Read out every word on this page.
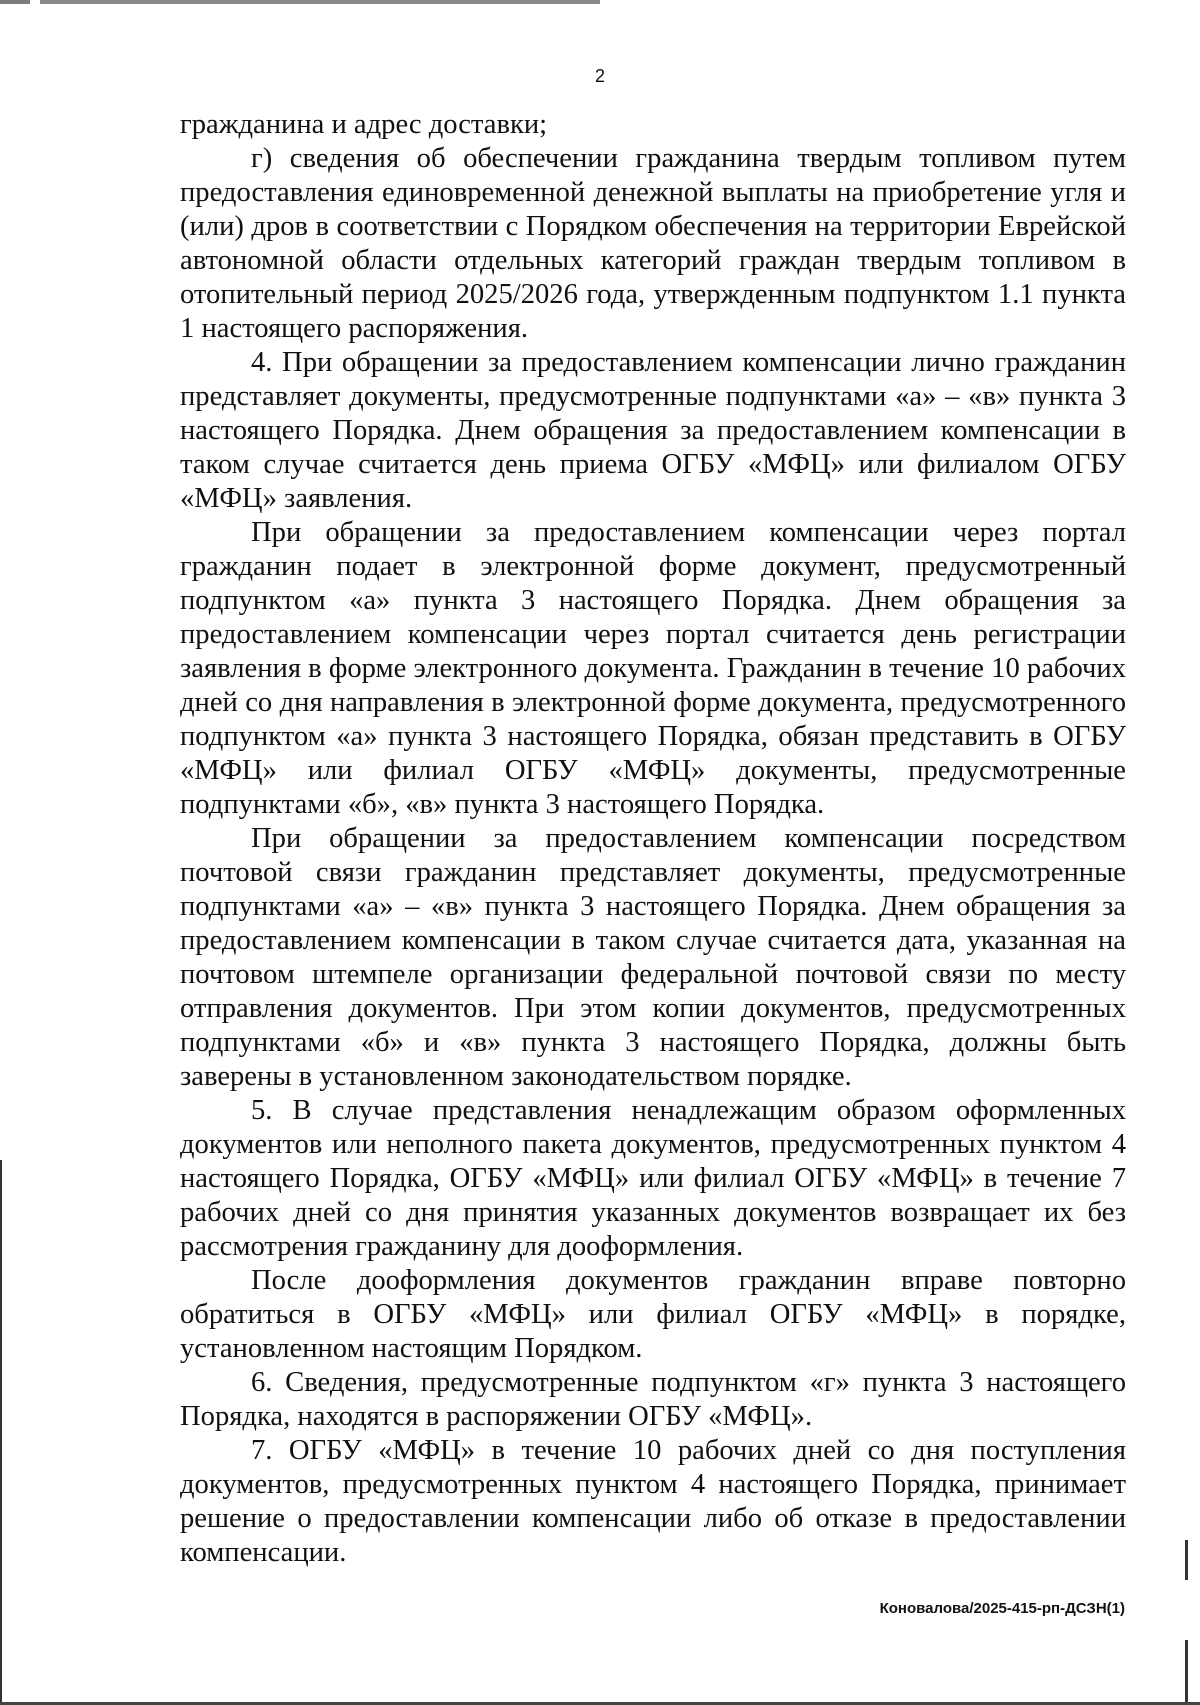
2

гражданина и адрес доставки;

г) сведения об обеспечении гражданина твердым топливом путем предоставления единовременной денежной выплаты на приобретение угля и (или) дров в соответствии с Порядком обеспечения на территории Еврейской автономной области отдельных категорий граждан твердым топливом в отопительный период 2025/2026 года, утвержденным подпунктом 1.1 пункта 1 настоящего распоряжения.

4. При обращении за предоставлением компенсации лично гражданин представляет документы, предусмотренные подпунктами «а» – «в» пункта 3 настоящего Порядка. Днем обращения за предоставлением компенсации в таком случае считается день приема ОГБУ «МФЦ» или филиалом ОГБУ «МФЦ» заявления.

При обращении за предоставлением компенсации через портал гражданин подает в электронной форме документ, предусмотренный подпунктом «а» пункта 3 настоящего Порядка. Днем обращения за предоставлением компенсации через портал считается день регистрации заявления в форме электронного документа. Гражданин в течение 10 рабочих дней со дня направления в электронной форме документа, предусмотренного подпунктом «а» пункта 3 настоящего Порядка, обязан представить в ОГБУ «МФЦ» или филиал ОГБУ «МФЦ» документы, предусмотренные подпунктами «б», «в» пункта 3 настоящего Порядка.

При обращении за предоставлением компенсации посредством почтовой связи гражданин представляет документы, предусмотренные подпунктами «а» – «в» пункта 3 настоящего Порядка. Днем обращения за предоставлением компенсации в таком случае считается дата, указанная на почтовом штемпеле организации федеральной почтовой связи по месту отправления документов. При этом копии документов, предусмотренных подпунктами «б» и «в» пункта 3 настоящего Порядка, должны быть заверены в установленном законодательством порядке.

5. В случае представления ненадлежащим образом оформленных документов или неполного пакета документов, предусмотренных пунктом 4 настоящего Порядка, ОГБУ «МФЦ» или филиал ОГБУ «МФЦ» в течение 7 рабочих дней со дня принятия указанных документов возвращает их без рассмотрения гражданину для дооформления.

После дооформления документов гражданин вправе повторно обратиться в ОГБУ «МФЦ» или филиал ОГБУ «МФЦ» в порядке, установленном настоящим Порядком.

6. Сведения, предусмотренные подпунктом «г» пункта 3 настоящего Порядка, находятся в распоряжении ОГБУ «МФЦ».

7. ОГБУ «МФЦ» в течение 10 рабочих дней со дня поступления документов, предусмотренных пунктом 4 настоящего Порядка, принимает решение о предоставлении компенсации либо об отказе в предоставлении компенсации.

Коновалова/2025-415-рп-ДСЗН(1)
